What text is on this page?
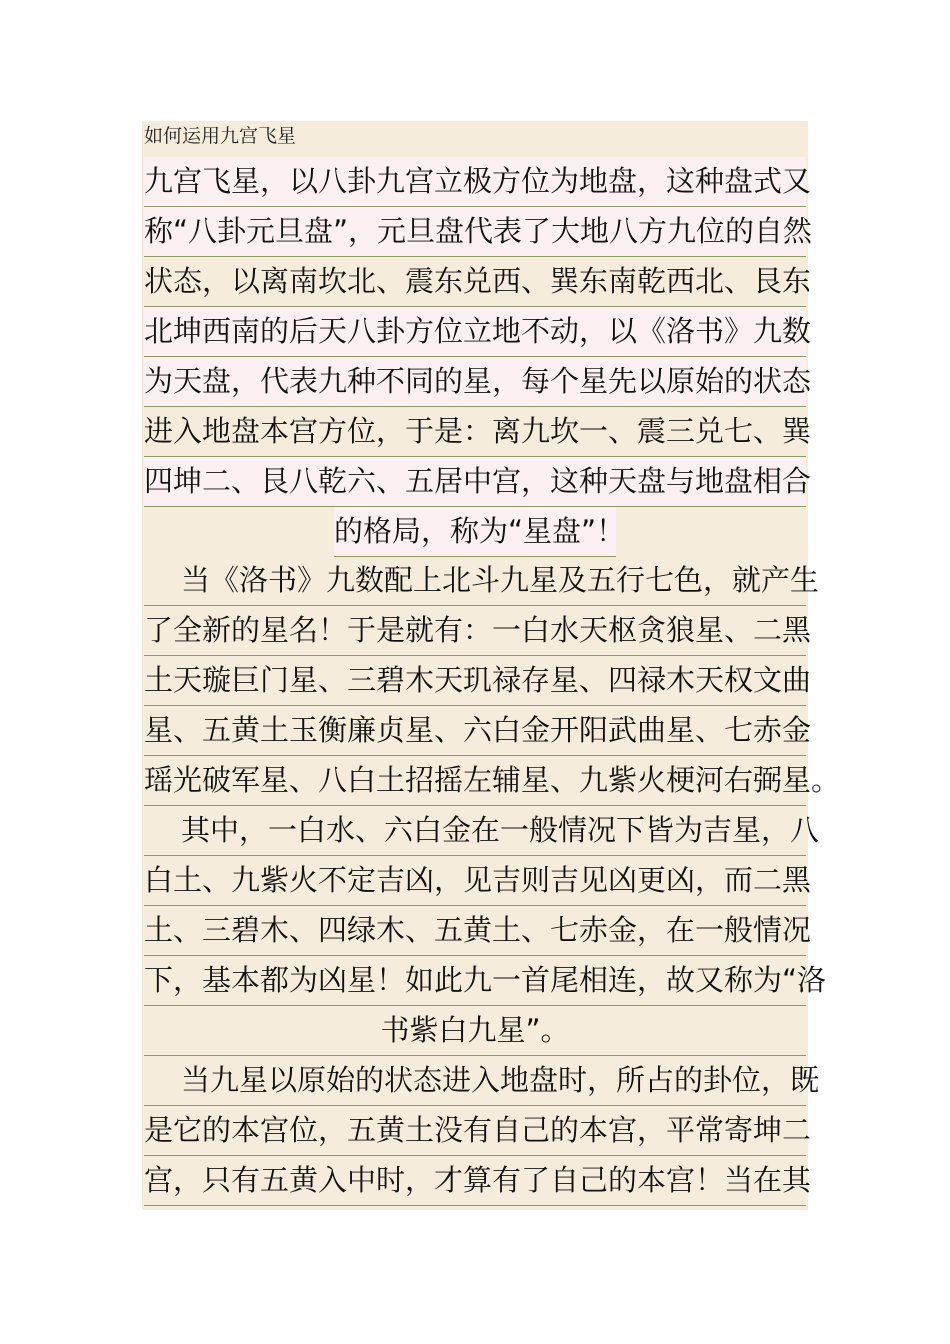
如何运用九宫飞星
九宫飞星，以八卦九宫立极方位为地盘，这种盘式又
称“八卦元旦盘”，元旦盘代表了大地八方九位的自然
状态，以离南坎北、震东兑西、巽东南乾西北、艮东
北坤西南的后天八卦方位立地不动，以《洛书》九数
为天盘，代表九种不同的星，每个星先以原始的状态
进入地盘本宫方位，于是：离九坎一、震三兑七、巽
四坤二、艮八乾六、五居中宫，这种天盘与地盘相合
的格局，称为“星盘”！
当《洛书》九数配上北斗九星及五行七色，就产生
了全新的星名！于是就有：一白水天枢贪狼星、二黑
土天璇巨门星、三碧木天玑禄存星、四禄木天权文曲
星、五黄土玉衡廉贞星、六白金开阳武曲星、七赤金
瑶光破军星、八白土招摇左辅星、九紫火梗河右弼星。
其中，一白水、六白金在一般情况下皆为吉星，八
白土、九紫火不定吉凶，见吉则吉见凶更凶，而二黑
土、三碧木、四绿木、五黄土、七赤金，在一般情况
下，基本都为凶星！如此九一首尾相连，故又称为“洛
书紫白九星”。
当九星以原始的状态进入地盘时，所占的卦位，既
是它的本宫位，五黄土没有自己的本宫，平常寄坤二
宫，只有五黄入中时，才算有了自己的本宫！当在其
